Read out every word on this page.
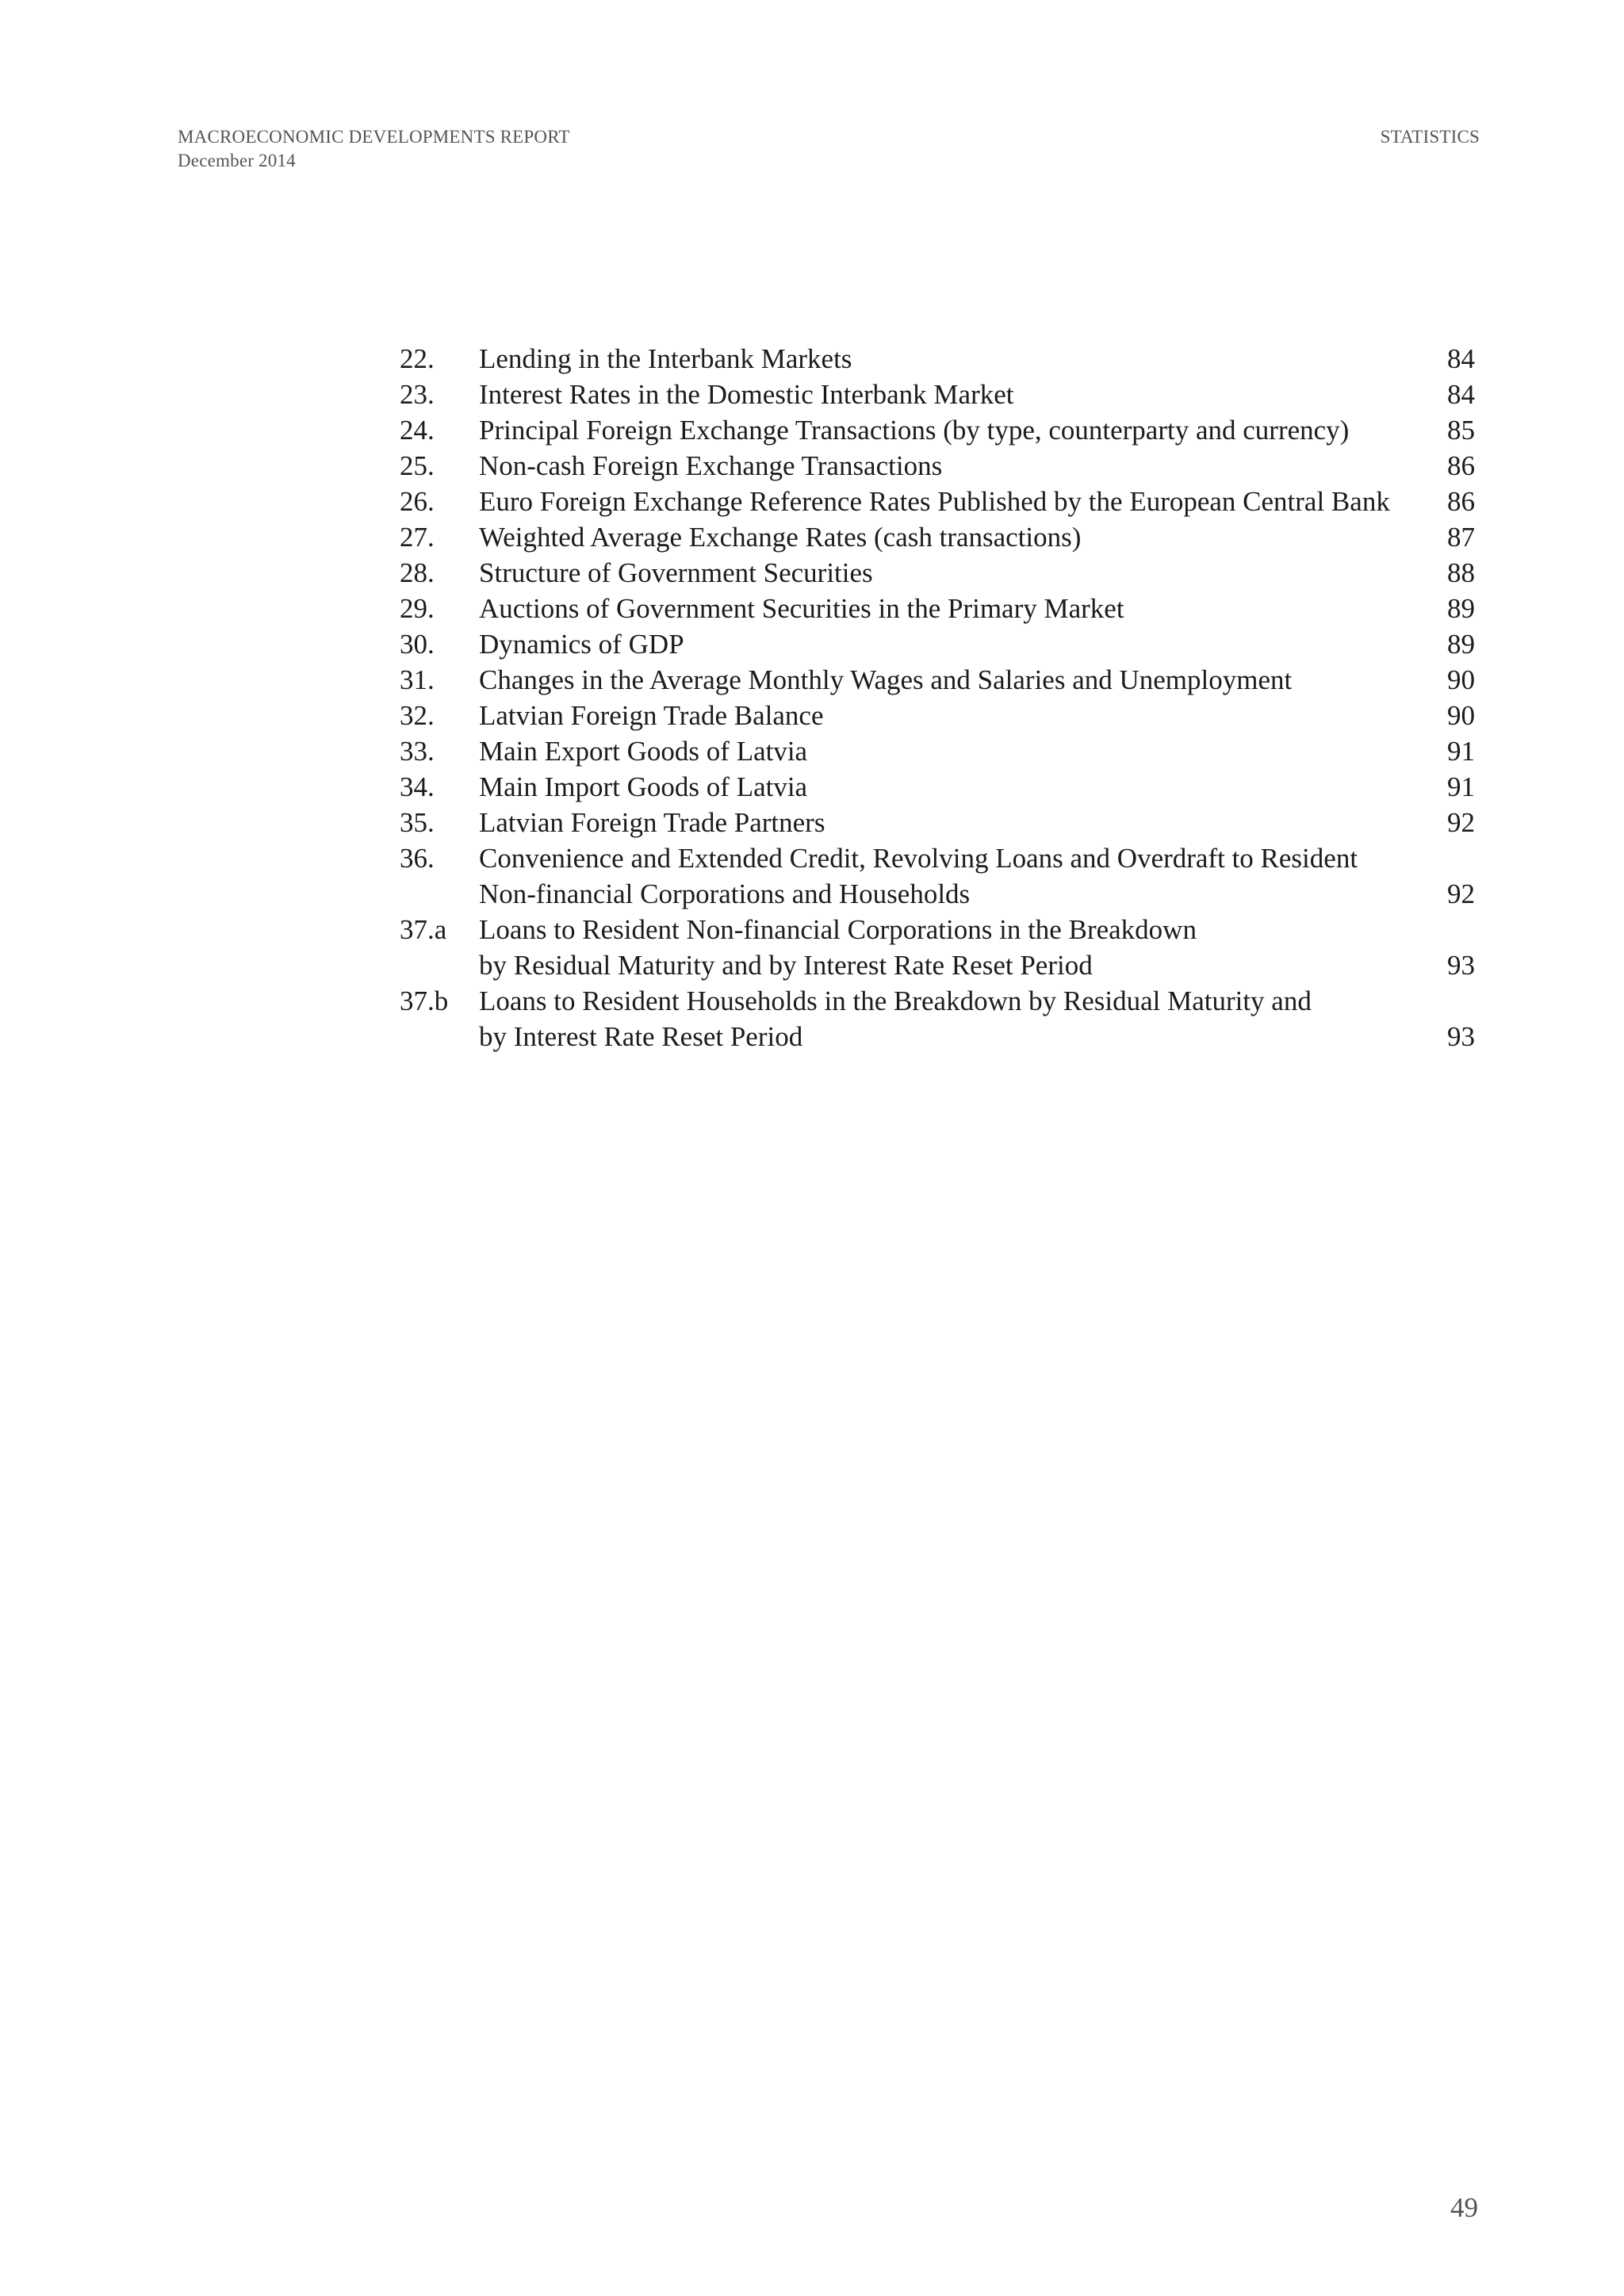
MACROECONOMIC DEVELOPMENTS REPORT
December 2014
STATISTICS
22.	Lending in the Interbank Markets	84
23.	Interest Rates in the Domestic Interbank Market	84
24.	Principal Foreign Exchange Transactions (by type, counterparty and currency)	85
25.	Non-cash Foreign Exchange Transactions	86
26.	Euro Foreign Exchange Reference Rates Published by the European Central Bank	86
27.	Weighted Average Exchange Rates (cash transactions)	87
28.	Structure of Government Securities	88
29.	Auctions of Government Securities in the Primary Market	89
30.	Dynamics of GDP	89
31.	Changes in the Average Monthly Wages and Salaries and Unemployment	90
32.	Latvian Foreign Trade Balance	90
33.	Main Export Goods of Latvia	91
34.	Main Import Goods of Latvia	91
35.	Latvian Foreign Trade Partners	92
36.	Convenience and Extended Credit, Revolving Loans and Overdraft to Resident
Non-financial Corporations and Households	92
37.a	Loans to Resident Non-financial Corporations in the Breakdown
by Residual Maturity and by Interest Rate Reset Period	93
37.b	Loans to Resident Households in the Breakdown by Residual Maturity and
by Interest Rate Reset Period	93
49
